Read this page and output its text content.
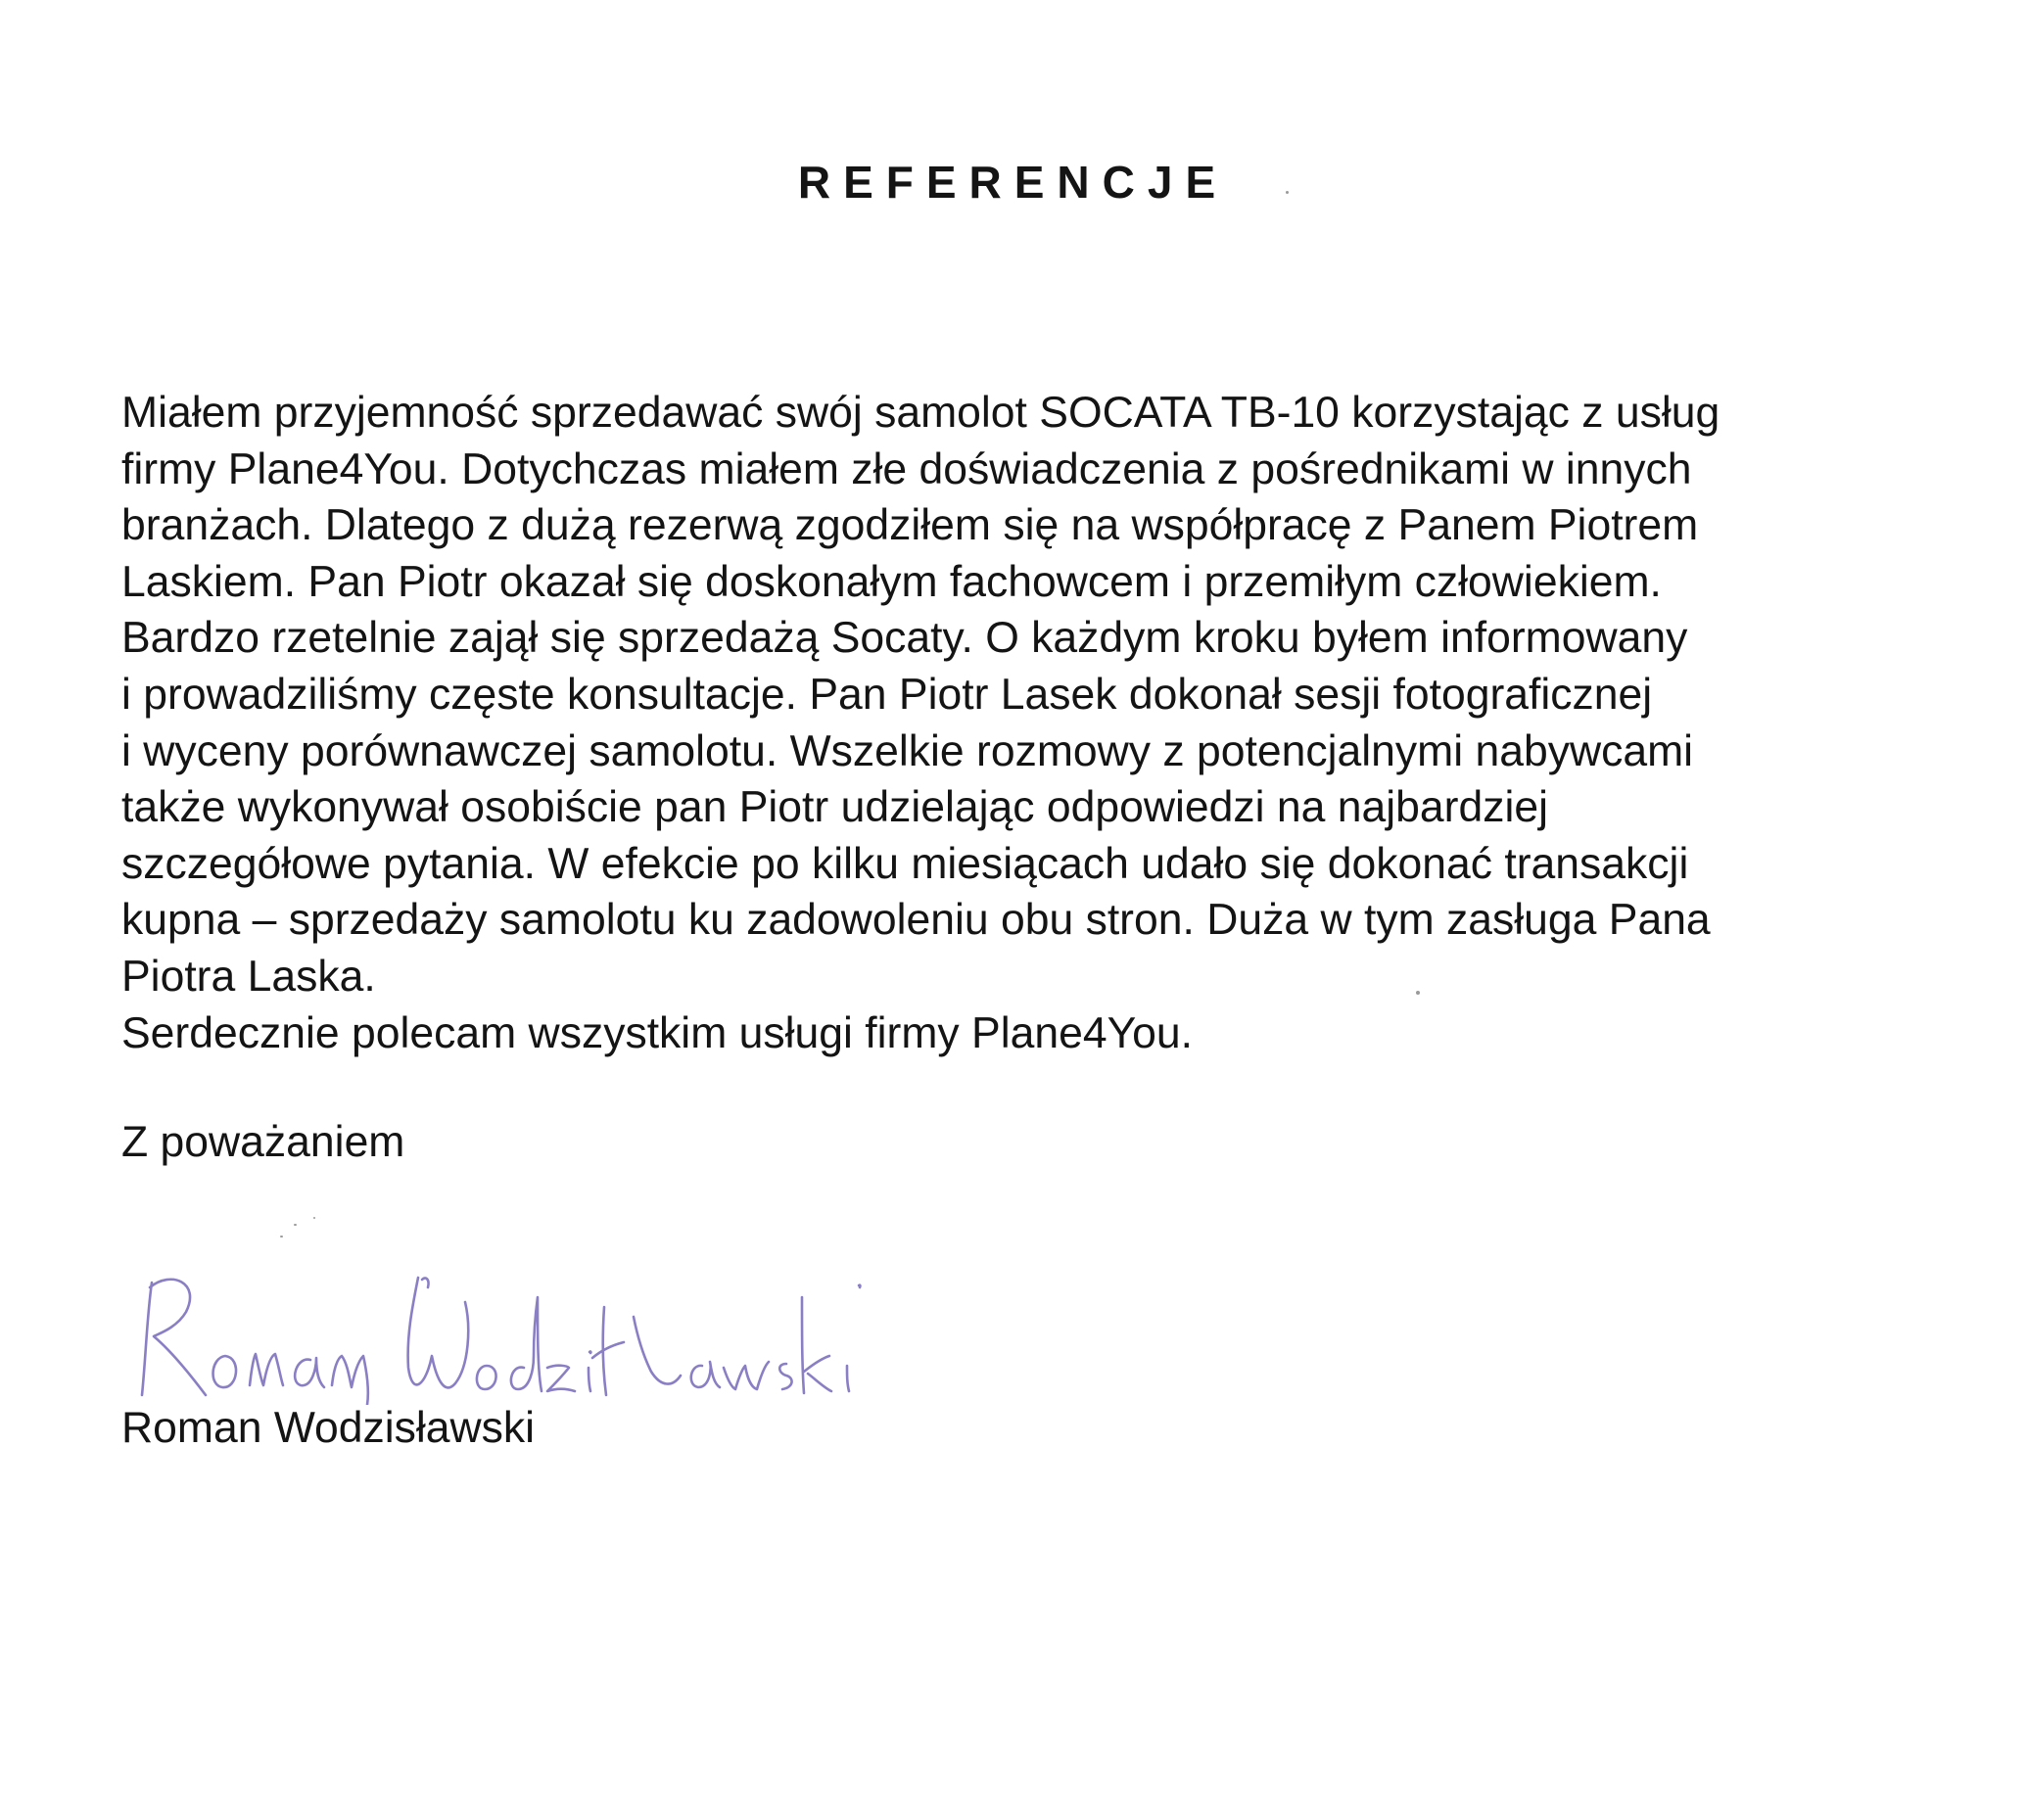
REFERENCJE
Miałem przyjemność sprzedawać swój samolot SOCATA TB-10 korzystając z usług
firmy Plane4You. Dotychczas miałem złe doświadczenia z pośrednikami w innych
branżach. Dlatego z dużą rezerwą zgodziłem się na współpracę z Panem Piotrem
Laskiem. Pan Piotr okazał się doskonałym fachowcem i przemiłym człowiekiem.
Bardzo rzetelnie zajął się sprzedażą Socaty. O każdym kroku byłem informowany
i prowadziliśmy częste konsultacje. Pan Piotr Lasek dokonał sesji fotograficznej
i wyceny porównawczej samolotu. Wszelkie rozmowy z potencjalnymi nabywcami
także wykonywał osobiście pan Piotr udzielając odpowiedzi na najbardziej
szczegółowe pytania. W efekcie po kilku miesiącach udało się dokonać transakcji
kupna – sprzedaży samolotu ku zadowoleniu obu stron. Duża w tym zasługa Pana
Piotra Laska.
Serdecznie polecam wszystkim usługi firmy Plane4You.
Z poważaniem
Roman Wodzisławski
